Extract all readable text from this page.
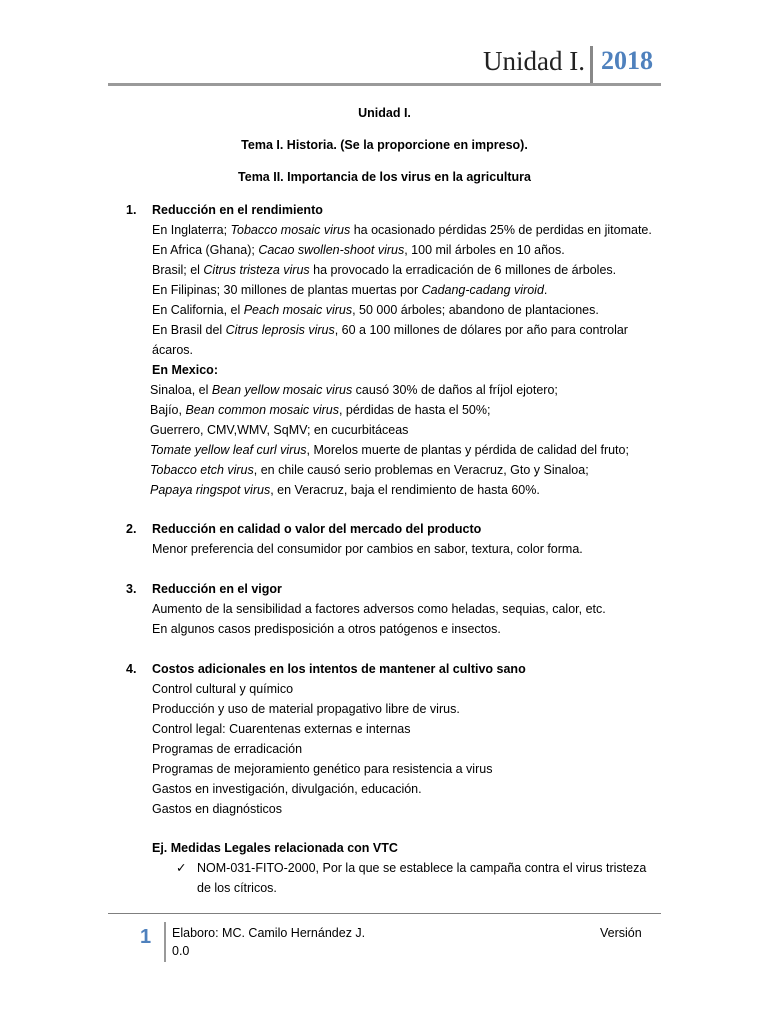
Unidad I. 2018
Unidad I.
Tema I. Historia. (Se la proporcione en impreso).
Tema II. Importancia de los virus en la agricultura
1. Reducción en el rendimiento
En Inglaterra; Tobacco mosaic virus ha ocasionado pérdidas 25% de perdidas en jitomate.
En Africa (Ghana); Cacao swollen-shoot virus, 100 mil árboles en 10 años.
Brasil; el Citrus tristeza virus ha provocado la erradicación de 6 millones de árboles.
En Filipinas; 30 millones de plantas muertas por Cadang-cadang viroid.
En California, el Peach mosaic virus, 50 000 árboles; abandono de plantaciones.
En Brasil del Citrus leprosis virus, 60 a 100 millones de dólares por año para controlar
ácaros.
En Mexico:
Sinaloa, el Bean yellow mosaic virus causó 30% de daños al fríjol ejotero;
Bajío, Bean common mosaic virus, pérdidas de hasta el 50%;
Guerrero, CMV,WMV, SqMV; en cucurbitáceas
Tomate yellow leaf curl virus, Morelos muerte de plantas y pérdida de calidad del fruto;
Tobacco etch virus, en chile causó serio problemas en Veracruz, Gto y Sinaloa;
Papaya ringspot virus, en Veracruz, baja el rendimiento de hasta 60%.
2. Reducción en calidad o valor del mercado del producto
Menor preferencia del consumidor por cambios en sabor, textura, color forma.
3. Reducción en el vigor
Aumento de la sensibilidad a factores adversos como heladas, sequias, calor, etc.
En algunos casos predisposición a otros patógenos e insectos.
4. Costos adicionales en los intentos de mantener al cultivo sano
Control cultural y químico
Producción y uso de material propagativo libre de virus.
Control legal: Cuarentenas externas e internas
Programas de erradicación
Programas de mejoramiento genético para resistencia a virus
Gastos en investigación, divulgación, educación.
Gastos en diagnósticos
Ej. Medidas Legales relacionada con VTC
✓ NOM-031-FITO-2000, Por la que se establece la campaña contra el virus tristeza
de los cítricos.
1 Elaboro: MC. Camilo Hernández J.	Versión
0.0
